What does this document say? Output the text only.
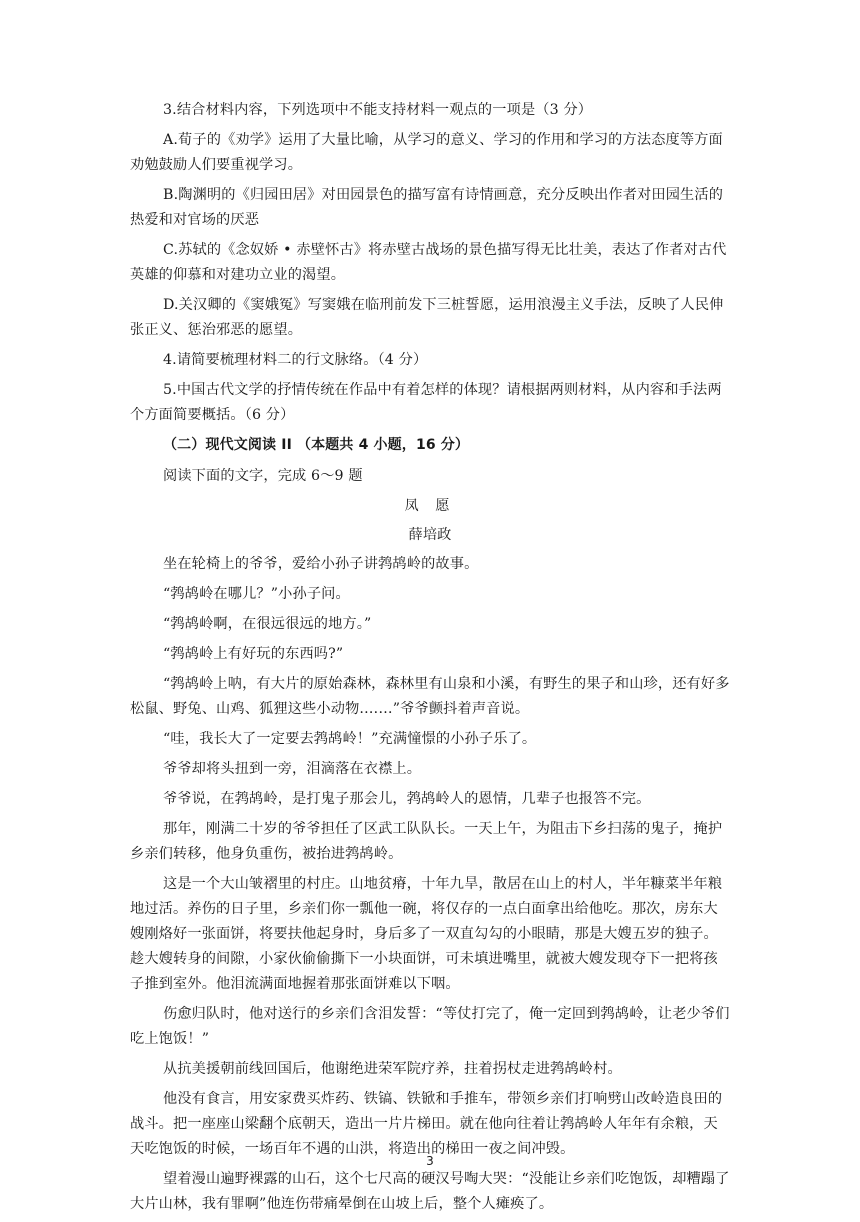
3.结合材料内容，下列选项中不能支持材料一观点的一项是（3 分）

A.荀子的《劝学》运用了大量比喻，从学习的意义、学习的作用和学习的方法态度等方面劝勉鼓励人们要重视学习。

B.陶渊明的《归园田居》对田园景色的描写富有诗情画意，充分反映出作者对田园生活的热爱和对官场的厌恶

C.苏轼的《念奴娇 • 赤壁怀古》将赤壁古战场的景色描写得无比壮美，表达了作者对古代英雄的仰慕和对建功立业的渴望。

D.关汉卿的《窦娥冤》写窦娥在临刑前发下三桩誓愿，运用浪漫主义手法，反映了人民伸张正义、惩治邪恶的愿望。

4.请简要梳理材料二的行文脉络。（4 分）

5.中国古代文学的抒情传统在作品中有着怎样的体现？请根据两则材料，从内容和手法两个方面简要概括。（6 分）

（二）现代文阅读 II （本题共 4 小题，16 分）

阅读下面的文字，完成 6～9 题

凤 愿

薛培政

坐在轮椅上的爷爷，爱给小孙子讲鹁鸪岭的故事。

“鹁鸪岭在哪儿？”小孙子问。

“鹁鸪岭啊，在很远很远的地方。”

“鹁鸪岭上有好玩的东西吗?”

“鹁鸪岭上呐，有大片的原始森林，森林里有山泉和小溪，有野生的果子和山珍，还有好多松鼠、野兔、山鸡、狐狸这些小动物.……”爷爷颤抖着声音说。

“哇，我长大了一定要去鹁鸪岭！”充满憧憬的小孙子乐了。

爷爷却将头扭到一旁，泪滴落在衣襟上。

爷爷说，在鹁鸪岭，是打鬼子那会儿，鹁鸪岭人的恩情，几辈子也报答不完。

那年，刚满二十岁的爷爷担任了区武工队队长。一天上午，为阻击下乡扫荡的鬼子，掩护乡亲们转移，他身负重伤，被抬进鹁鸪岭。

这是一个大山皱褶里的村庄。山地贫瘠，十年九旱，散居在山上的村人，半年糠菜半年粮地过活。养伤的日子里，乡亲们你一瓢他一碗，将仅存的一点白面拿出给他吃。那次，房东大嫂刚烙好一张面饼，将要扶他起身时，身后多了一双直勾勾的小眼睛，那是大嫂五岁的独子。趁大嫂转身的间隙，小家伙偷偷撕下一小块面饼，可未填进嘴里，就被大嫂发现夺下一把将孩子推到室外。他泪流满面地握着那张面饼难以下咽。

伤愈归队时，他对送行的乡亲们含泪发誓：“等仗打完了，俺一定回到鹁鸪岭，让老少爷们吃上饱饭！”

从抗美援朝前线回国后，他谢绝进荣军院疗养，拄着拐杖走进鹁鸪岭村。

他没有食言，用安家费买炸药、铁镐、铁锨和手推车，带领乡亲们打响劈山改岭造良田的战斗。把一座座山梁翻个底朝天，造出一片片梯田。就在他向往着让鹁鸪岭人年年有余粮，天天吃饱饭的时候，一场百年不遇的山洪，将造出的梯田一夜之间冲毁。

望着漫山遍野裸露的山石，这个七尺高的硬汉号啕大哭：“没能让乡亲们吃饱饭，却糟蹋了大片山林，我有罪啊”他连伤带痛晕倒在山坡上后，整个人瘫痪了。

3
